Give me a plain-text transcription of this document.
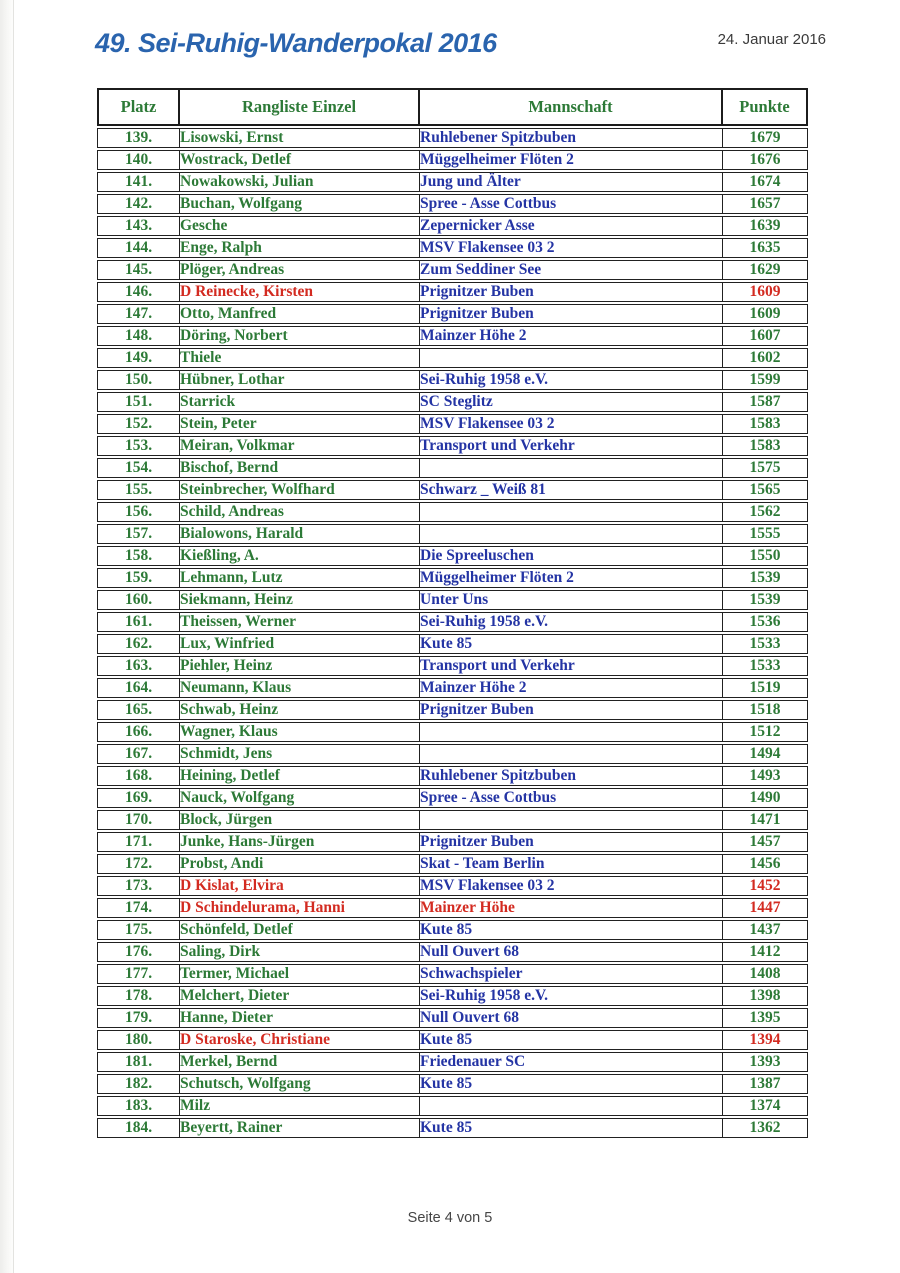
49. Sei-Ruhig-Wanderpokal 2016	24. Januar 2016
Platz	Rangliste Einzel	Mannschaft	Punkte
139.	Lisowski, Ernst	Ruhlebener Spitzbuben	1679
140.	Wostrack, Detlef	Müggelheimer Flöten 2	1676
141.	Nowakowski, Julian	Jung und Älter	1674
142.	Buchan, Wolfgang	Spree - Asse Cottbus	1657
143.	Gesche	Zepernicker Asse	1639
144.	Enge, Ralph	MSV Flakensee 03 2	1635
145.	Plöger, Andreas	Zum Seddiner See	1629
146.	D Reinecke, Kirsten	Prignitzer Buben	1609
147.	Otto, Manfred	Prignitzer Buben	1609
148.	Döring, Norbert	Mainzer Höhe 2	1607
149.	Thiele		1602
150.	Hübner, Lothar	Sei-Ruhig 1958 e.V.	1599
151.	Starrick	SC Steglitz	1587
152.	Stein, Peter	MSV Flakensee 03 2	1583
153.	Meiran, Volkmar	Transport und Verkehr	1583
154.	Bischof, Bernd		1575
155.	Steinbrecher, Wolfhard	Schwarz _ Weiß 81	1565
156.	Schild, Andreas		1562
157.	Bialowons, Harald		1555
158.	Kießling, A.	Die Spreeluschen	1550
159.	Lehmann, Lutz	Müggelheimer Flöten 2	1539
160.	Siekmann, Heinz	Unter Uns	1539
161.	Theissen, Werner	Sei-Ruhig 1958 e.V.	1536
162.	Lux, Winfried	Kute 85	1533
163.	Piehler, Heinz	Transport und Verkehr	1533
164.	Neumann, Klaus	Mainzer Höhe 2	1519
165.	Schwab, Heinz	Prignitzer Buben	1518
166.	Wagner, Klaus		1512
167.	Schmidt, Jens		1494
168.	Heining, Detlef	Ruhlebener Spitzbuben	1493
169.	Nauck, Wolfgang	Spree - Asse Cottbus	1490
170.	Block, Jürgen		1471
171.	Junke, Hans-Jürgen	Prignitzer Buben	1457
172.	Probst, Andi	Skat - Team Berlin	1456
173.	D Kislat, Elvira	MSV Flakensee 03 2	1452
174.	D Schindelurama, Hanni	Mainzer Höhe	1447
175.	Schönfeld, Detlef	Kute 85	1437
176.	Saling, Dirk	Null Ouvert 68	1412
177.	Termer, Michael	Schwachspieler	1408
178.	Melchert, Dieter	Sei-Ruhig 1958 e.V.	1398
179.	Hanne, Dieter	Null Ouvert 68	1395
180.	D Staroske, Christiane	Kute 85	1394
181.	Merkel, Bernd	Friedenauer SC	1393
182.	Schutsch, Wolfgang	Kute 85	1387
183.	Milz		1374
184.	Beyertt, Rainer	Kute 85	1362
Seite 4 von 5
